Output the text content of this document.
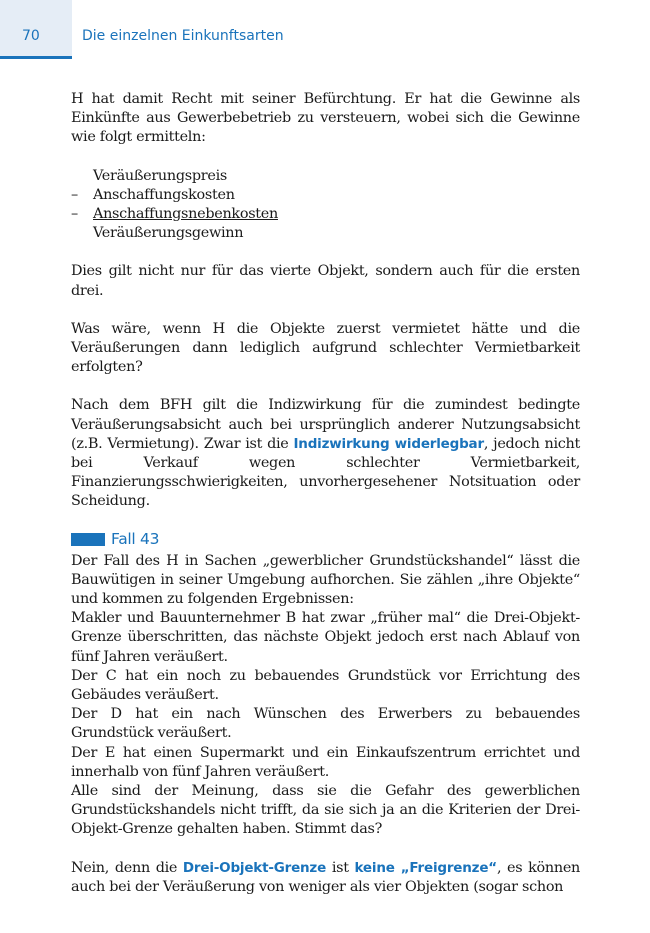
70	Die einzelnen Einkunftsarten

H hat damit Recht mit seiner Befürchtung. Er hat die Gewinne als Einkünfte aus Gewerbebetrieb zu versteuern, wobei sich die Gewinne wie folgt ermitteln:

Veräußerungspreis
–	Anschaffungskosten
–	Anschaffungsnebenkosten
Veräußerungsgewinn

Dies gilt nicht nur für das vierte Objekt, sondern auch für die ersten drei.

Was wäre, wenn H die Objekte zuerst vermietet hätte und die Veräußerungen dann lediglich aufgrund schlechter Vermietbarkeit erfolgten?

Nach dem BFH gilt die Indizwirkung für die zumindest bedingte Veräußerungsabsicht auch bei ursprünglich anderer Nutzungsabsicht (z.B. Vermietung). Zwar ist die Indizwirkung widerlegbar, jedoch nicht bei Verkauf wegen schlechter Vermietbarkeit, Finanzierungsschwierigkeiten, unvorhergesehener Notsituation oder Scheidung.

Fall 43

Der Fall des H in Sachen „gewerblicher Grundstückshandel“ lässt die Bauwütigen in seiner Umgebung aufhorchen. Sie zählen „ihre Objekte“ und kommen zu folgenden Ergebnissen:

Makler und Bauunternehmer B hat zwar „früher mal“ die Drei-Objekt-Grenze überschritten, das nächste Objekt jedoch erst nach Ablauf von fünf Jahren veräußert.

Der C hat ein noch zu bebauendes Grundstück vor Errichtung des Gebäudes veräußert.

Der D hat ein nach Wünschen des Erwerbers zu bebauendes Grundstück veräußert.

Der E hat einen Supermarkt und ein Einkaufszentrum errichtet und innerhalb von fünf Jahren veräußert.

Alle sind der Meinung, dass sie die Gefahr des gewerblichen Grundstückshandels nicht trifft, da sie sich ja an die Kriterien der Drei-Objekt-Grenze gehalten haben. Stimmt das?

Nein, denn die Drei-Objekt-Grenze ist keine „Freigrenze“, es können auch bei der Veräußerung von weniger als vier Objekten (sogar schon
